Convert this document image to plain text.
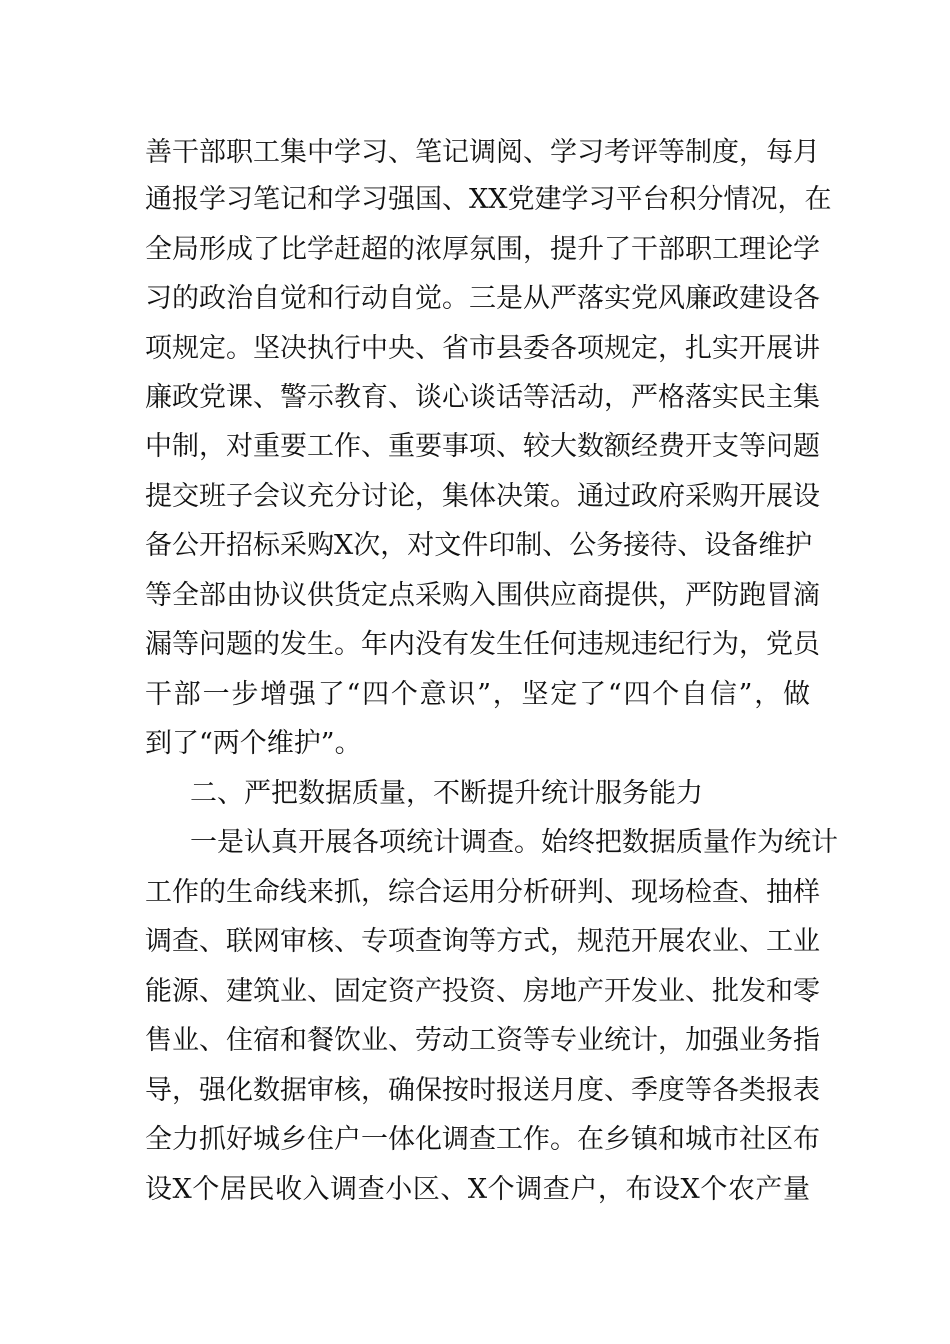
善干部职工集中学习、笔记调阅、学习考评等制度，每月
通报学习笔记和学习强国、XX党建学习平台积分情况，在
全局形成了比学赶超的浓厚氛围，提升了干部职工理论学
习的政治自觉和行动自觉。三是从严落实党风廉政建设各
项规定。坚决执行中央、省市县委各项规定，扎实开展讲
廉政党课、警示教育、谈心谈话等活动，严格落实民主集
中制，对重要工作、重要事项、较大数额经费开支等问题
提交班子会议充分讨论，集体决策。通过政府采购开展设
备公开招标采购X次，对文件印制、公务接待、设备维护
等全部由协议供货定点采购入围供应商提供，严防跑冒滴
漏等问题的发生。年内没有发生任何违规违纪行为，党员
干部一步增强了“四个意识”，坚定了“四个自信”，做
到了“两个维护”。
二、严把数据质量，不断提升统计服务能力
一是认真开展各项统计调查。始终把数据质量作为统计
工作的生命线来抓，综合运用分析研判、现场检查、抽样
调查、联网审核、专项查询等方式，规范开展农业、工业
能源、建筑业、固定资产投资、房地产开发业、批发和零
售业、住宿和餐饮业、劳动工资等专业统计，加强业务指
导，强化数据审核，确保按时报送月度、季度等各类报表
全力抓好城乡住户一体化调查工作。在乡镇和城市社区布
设X个居民收入调查小区、X个调查户，布设X个农产量
